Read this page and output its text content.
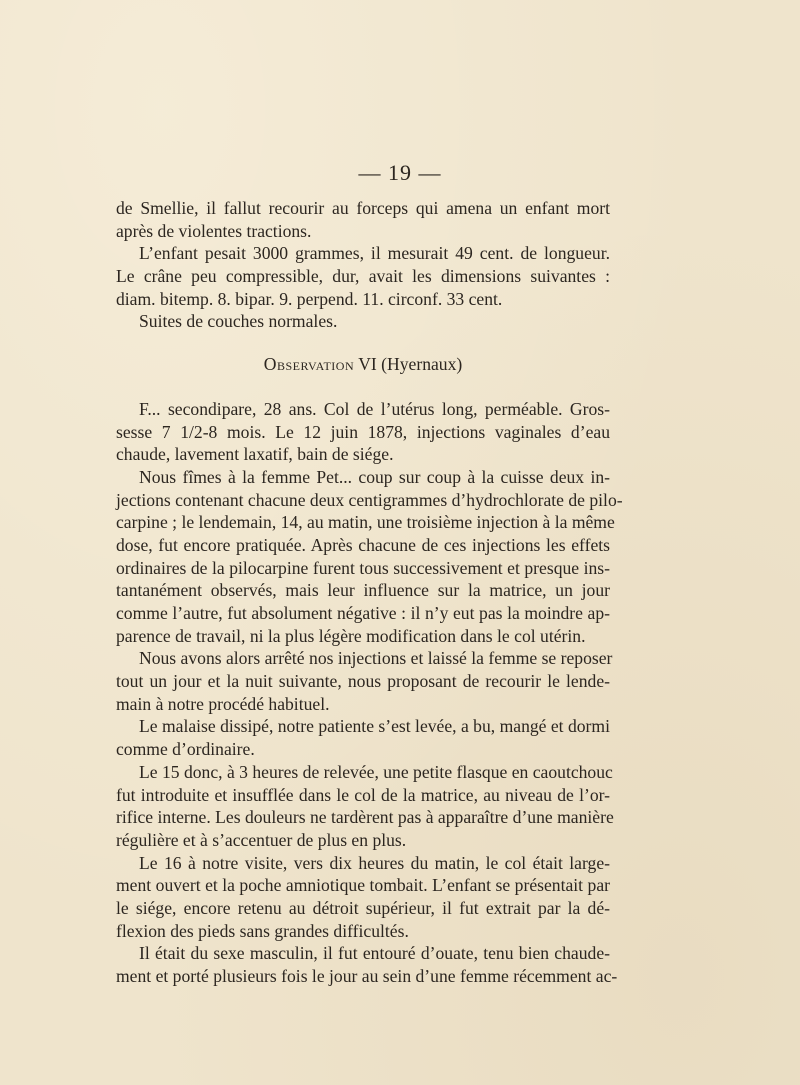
— 19 —
de Smellie, il fallut recourir au forceps qui amena un enfant mort
après de violentes tractions.
L’enfant pesait 3000 grammes, il mesurait 49 cent. de longueur.
Le crâne peu compressible, dur, avait les dimensions suivantes :
diam. bitemp. 8. bipar. 9. perpend. 11. circonf. 33 cent.
Suites de couches normales.
Observation VI (Hyernaux)
F... secondipare, 28 ans. Col de l’utérus long, perméable. Gros-
sesse 7 1/2-8 mois. Le 12 juin 1878, injections vaginales d’eau
chaude, lavement laxatif, bain de siége.
Nous fîmes à la femme Pet... coup sur coup à la cuisse deux in-
jections contenant chacune deux centigrammes d’hydrochlorate de pilo-
carpine ; le lendemain, 14, au matin, une troisième injection à la même
dose, fut encore pratiquée. Après chacune de ces injections les effets
ordinaires de la pilocarpine furent tous successivement et presque ins-
tantanément observés, mais leur influence sur la matrice, un jour
comme l’autre, fut absolument négative : il n’y eut pas la moindre ap-
parence de travail, ni la plus légère modification dans le col utérin.
Nous avons alors arrêté nos injections et laissé la femme se reposer
tout un jour et la nuit suivante, nous proposant de recourir le lende-
main à notre procédé habituel.
Le malaise dissipé, notre patiente s’est levée, a bu, mangé et dormi
comme d’ordinaire.
Le 15 donc, à 3 heures de relevée, une petite flasque en caoutchouc
fut introduite et insufflée dans le col de la matrice, au niveau de l’or-
rifice interne. Les douleurs ne tardèrent pas à apparaître d’une manière
régulière et à s’accentuer de plus en plus.
Le 16 à notre visite, vers dix heures du matin, le col était large-
ment ouvert et la poche amniotique tombait. L’enfant se présentait par
le siége, encore retenu au détroit supérieur, il fut extrait par la dé-
flexion des pieds sans grandes difficultés.
Il était du sexe masculin, il fut entouré d’ouate, tenu bien chaude-
ment et porté plusieurs fois le jour au sein d’une femme récemment ac-
